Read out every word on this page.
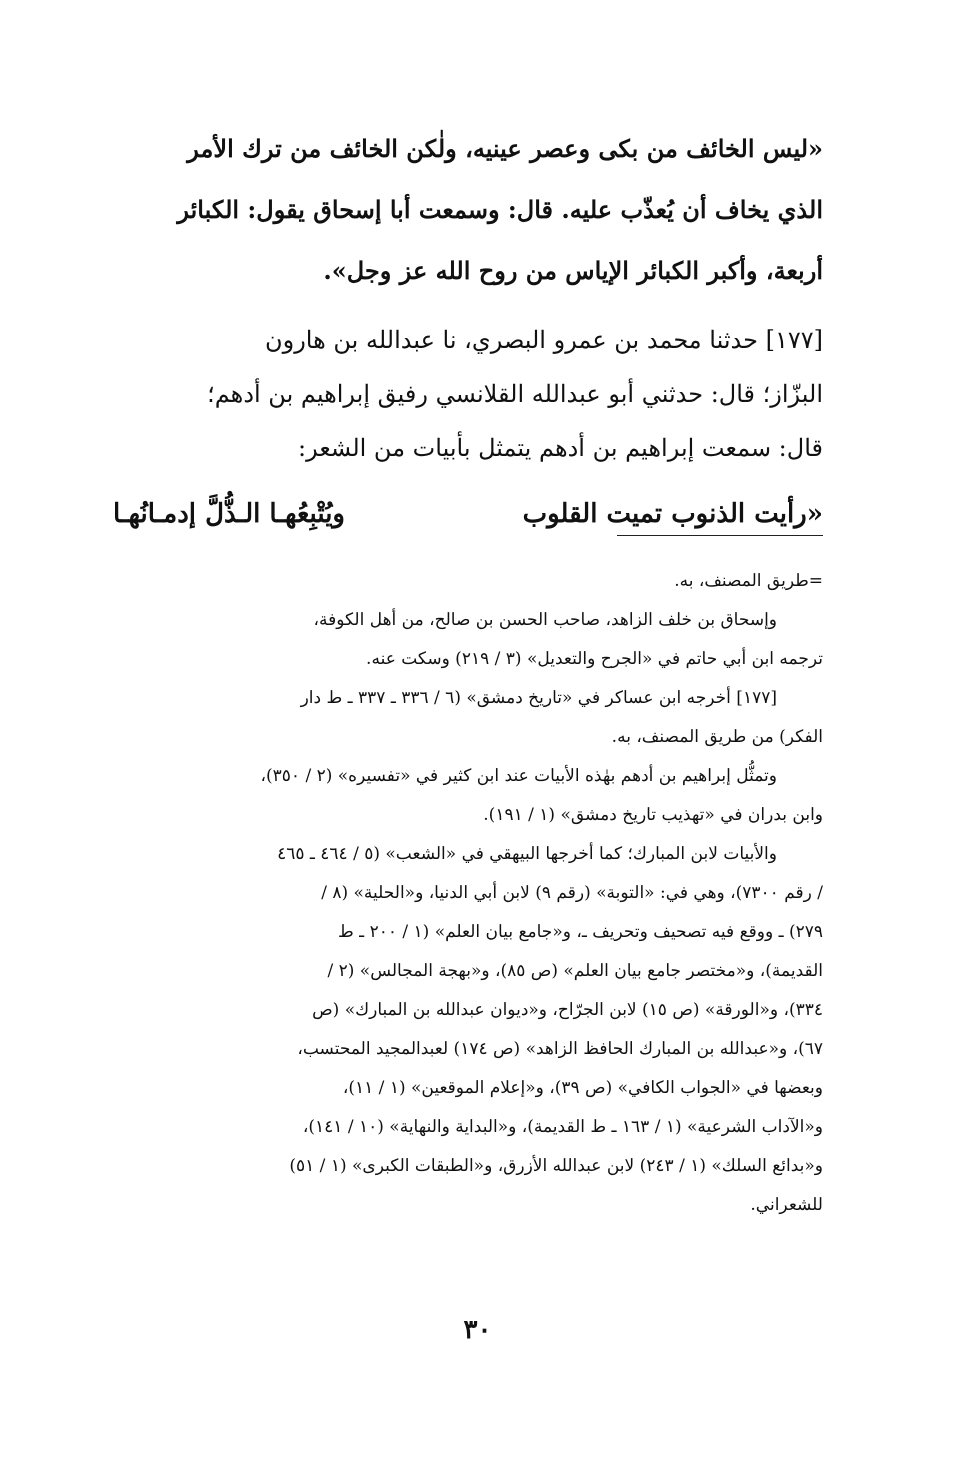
«ليس الخائف من بكى وعصر عينيه، ولٰكن الخائف من ترك الأمر

الذي يخاف أن يُعذّب عليه. قال: وسمعت أبا إسحاق يقول: الكبائر

أربعة، وأكبر الكبائر الإياس من روح الله عز وجل».

[١٧٧] حدثنا محمد بن عمرو البصري، نا عبدالله بن هارون

البزّاز؛ قال: حدثني أبو عبدالله القلانسي رفيق إبراهيم بن أدهم؛

قال: سمعت إبراهيم بن أدهم يتمثل بأبيات من الشعر:

«رأيت الذنوب تميت القلوب
ويُتْبِعُهـا الـذُّلَّ إدمـانُهـا

=طريق المصنف، به.

وإسحاق بن خلف الزاهد، صاحب الحسن بن صالح، من أهل الكوفة،

ترجمه ابن أبي حاتم في «الجرح والتعديل» (٣ / ٢١٩) وسكت عنه.

[١٧٧] أخرجه ابن عساكر في «تاريخ دمشق» (٦ / ٣٣٦ ـ ٣٣٧ ـ ط دار

الفكر) من طريق المصنف، به.

وتمثُّل إبراهيم بن أدهم بهٰذه الأبيات عند ابن كثير في «تفسيره» (٢ / ٣٥٠)،

وابن بدران في «تهذيب تاريخ دمشق» (١ / ١٩١).

والأبيات لابن المبارك؛ كما أخرجها البيهقي في «الشعب» (٥ / ٤٦٤ ـ ٤٦٥

/ رقم ٧٣٠٠)، وهي في: «التوبة» (رقم ٩) لابن أبي الدنيا، و«الحلية» (٨ /

٢٧٩) ـ ووقع فيه تصحيف وتحريف ـ، و«جامع بيان العلم» (١ / ٢٠٠ ـ ط

القديمة)، و«مختصر جامع بيان العلم» (ص ٨٥)، و«بهجة المجالس» (٢ /

٣٣٤)، و«الورقة» (ص ١٥) لابن الجرّاح، و«ديوان عبدالله بن المبارك» (ص

٦٧)، و«عبدالله بن المبارك الحافظ الزاهد» (ص ١٧٤) لعبدالمجيد المحتسب،

وبعضها في «الجواب الكافي» (ص ٣٩)، و«إعلام الموقعين» (١ / ١١)،

و«الآداب الشرعية» (١ / ١٦٣ ـ ط القديمة)، و«البداية والنهاية» (١٠ / ١٤١)،

و«بدائع السلك» (١ / ٢٤٣) لابن عبدالله الأزرق، و«الطبقات الكبرى» (١ / ٥١)

للشعراني.

٣٠
